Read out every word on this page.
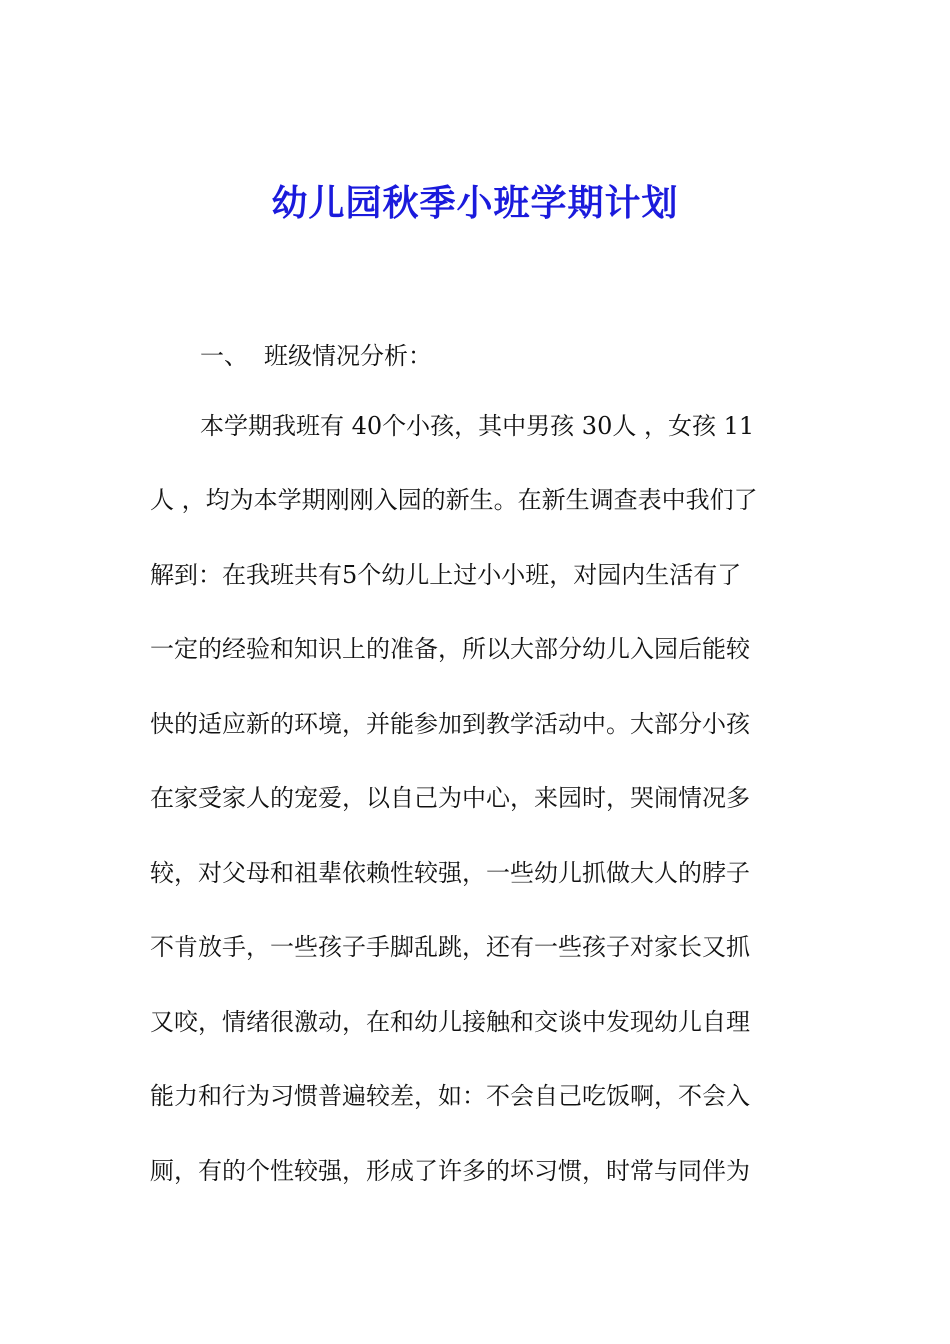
幼儿园秋季小班学期计划

一、 班级情况分析：

本学期我班有 40个小孩，其中男孩 30人 ，女孩 11
人 ，均为本学期刚刚入园的新生。在新生调查表中我们了
解到：在我班共有5个幼儿上过小小班，对园内生活有了
一定的经验和知识上的准备，所以大部分幼儿入园后能较
快的适应新的环境，并能参加到教学活动中。大部分小孩
在家受家人的宠爱，以自己为中心，来园时，哭闹情况多
较，对父母和祖辈依赖性较强，一些幼儿抓做大人的脖子
不肯放手，一些孩子手脚乱跳，还有一些孩子对家长又抓
又咬，情绪很激动，在和幼儿接触和交谈中发现幼儿自理
能力和行为习惯普遍较差，如：不会自己吃饭啊，不会入
厕，有的个性较强，形成了许多的坏习惯，时常与同伴为
